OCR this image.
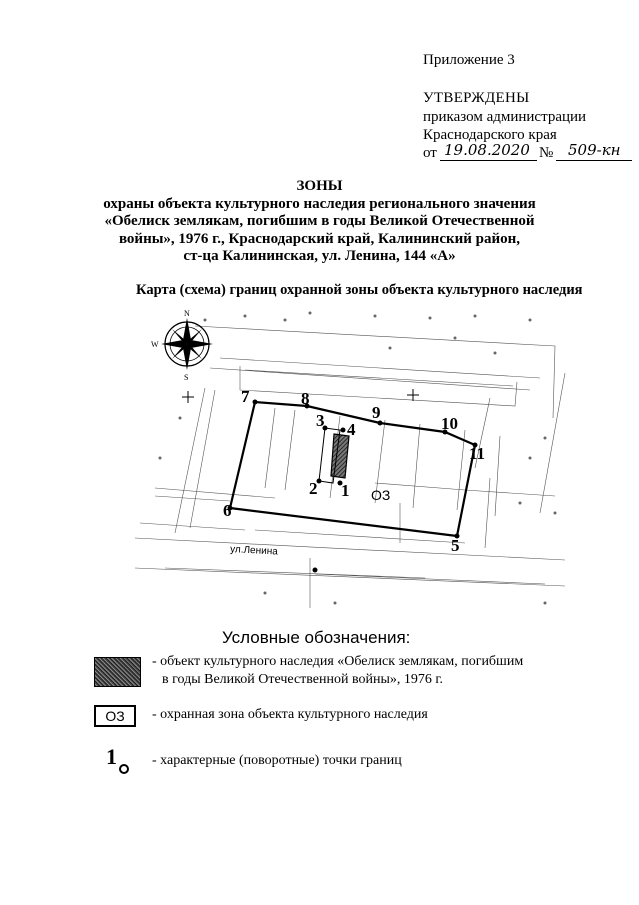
Приложение 3
УТВЕРЖДЕНЫ
приказом администрации
Краснодарского края
от 19.08.2020 № 509-кн
ЗОНЫ
охраны объекта культурного наследия регионального значения
«Обелиск землякам, погибшим в годы Великой Отечественной
войны», 1976 г., Краснодарский край, Калининский район,
ст-ца Калининская, ул. Ленина, 144 «А»
Карта (схема) границ охранной зоны объекта культурного наследия
N
S
W
1
2
3 4
5
6
7	8
9
10
11
ОЗ
ул.Ленина
Условные обозначения:
- объект культурного наследия «Обелиск землякам, погибшим
в годы Великой Отечественной войны», 1976 г.
ОЗ	- охранная зона объекта культурного наследия
1	- характерные (поворотные) точки границ
